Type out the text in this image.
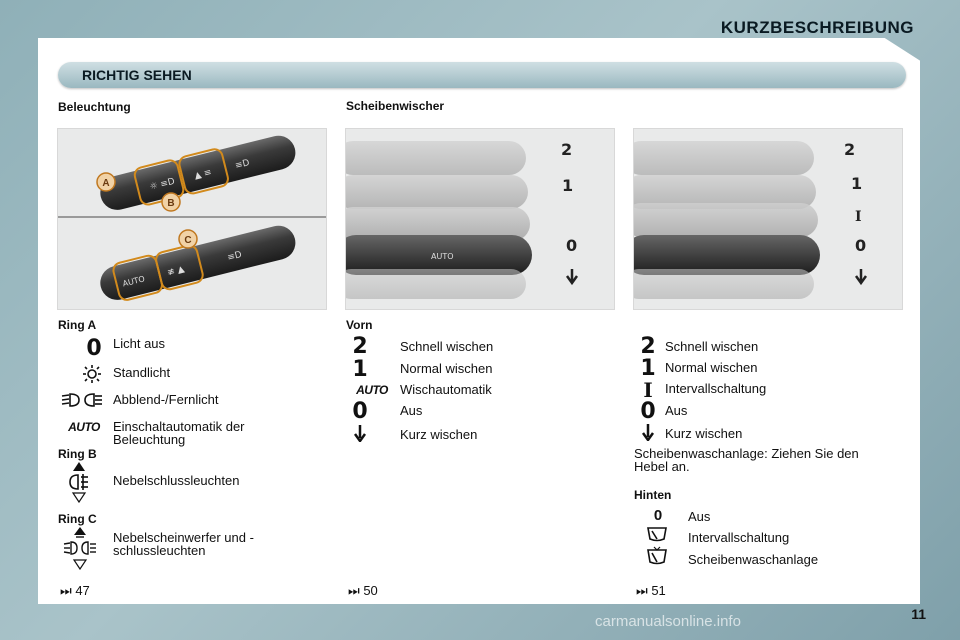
KURZBESCHREIBUNG
RICHTIG SEHEN
Beleuchtung
☼ ≡D
▲ ≡
≡D
A
B
AUTO
≢ ▲
≡D
C
Ring A
0 Licht aus
Standlicht
Abblend-/Fernlicht
AUTO Einschaltautomatik der Beleuchtung
Ring B
Nebelschlussleuchten
Ring C
Nebelscheinwerfer und -schlussleuchten
⏭ 47
Scheibenwischer
AUTO
2
1
0
2
1
I
0
Vorn
2	Schnell wischen
1	Normal wischen
AUTO Wischautomatik
0	Aus
Kurz wischen
⏭ 50
2 Schnell wischen
1 Normal wischen
I Intervallschaltung
0 Aus
Kurz wischen
Scheibenwaschanlage: Ziehen Sie den
Hebel an.
Hinten
0 Aus
Intervallschaltung
Scheibenwaschanlage
⏭ 51
carmanualsonline.info	11
